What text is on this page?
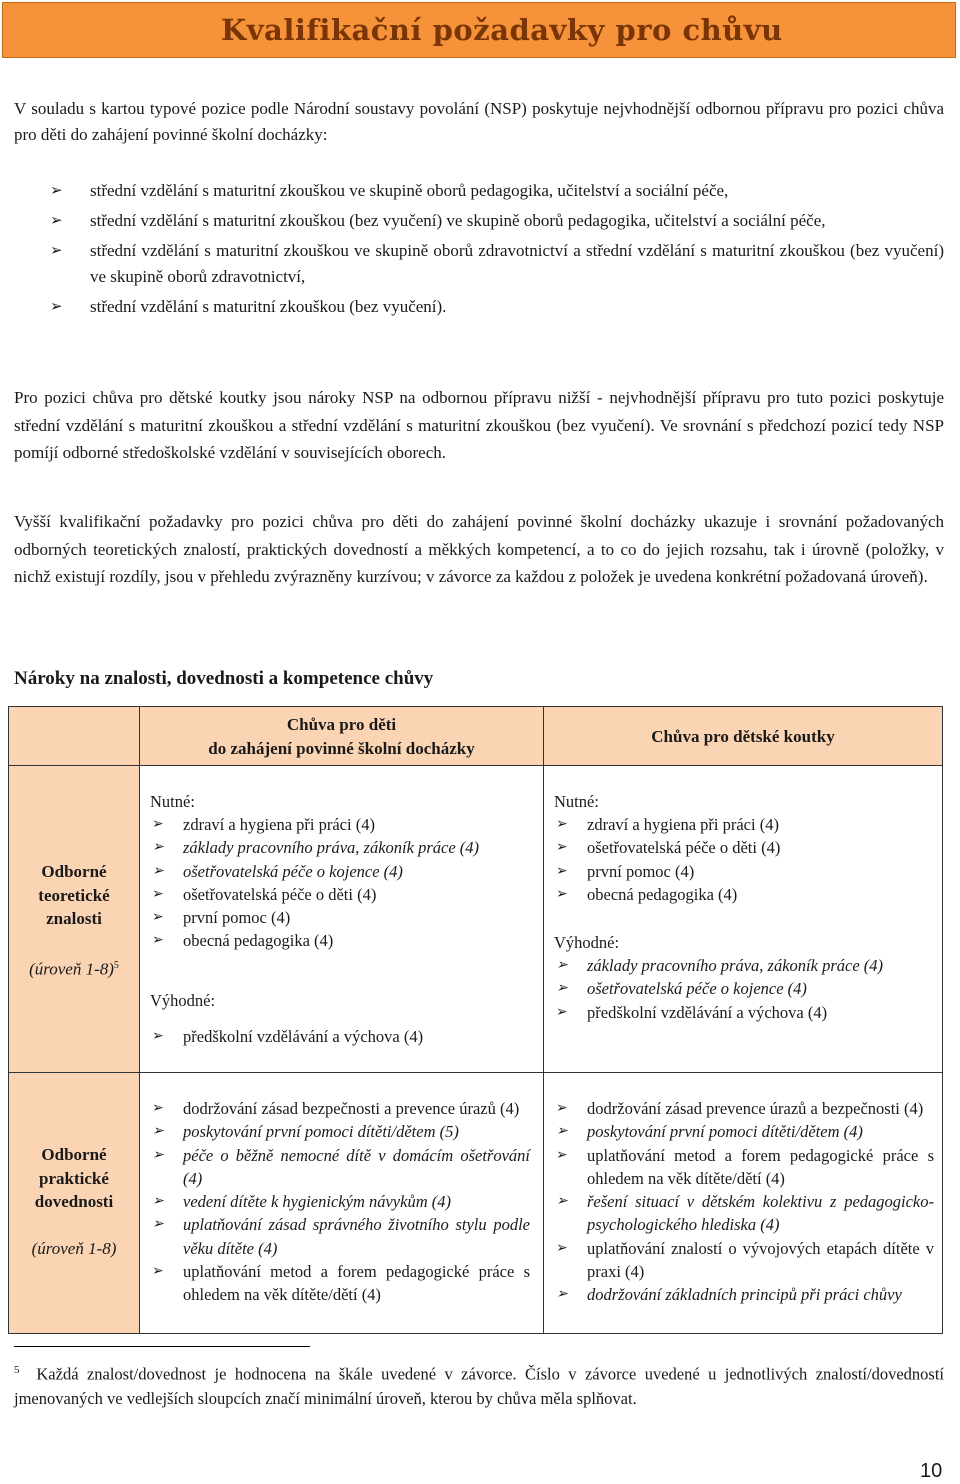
Kvalifikační požadavky pro chůvu
V souladu s kartou typové pozice podle Národní soustavy povolání (NSP) poskytuje nejvhodnější odbornou přípravu pro pozici chůva pro děti do zahájení povinné školní docházky:
➢ střední vzdělání s maturitní zkouškou ve skupině oborů pedagogika, učitelství a sociální péče,
➢ střední vzdělání s maturitní zkouškou (bez vyučení) ve skupině oborů pedagogika, učitelství a sociální péče,
➢ střední vzdělání s maturitní zkouškou ve skupině oborů zdravotnictví a střední vzdělání s maturitní zkouškou (bez vyučení) ve skupině oborů zdravotnictví,
➢ střední vzdělání s maturitní zkouškou (bez vyučení).
Pro pozici chůva pro dětské koutky jsou nároky NSP na odbornou přípravu nižší - nejvhodnější přípravu pro tuto pozici poskytuje střední vzdělání s maturitní zkouškou a střední vzdělání s maturitní zkouškou (bez vyučení). Ve srovnání s předchozí pozicí tedy NSP pomíjí odborné středoškolské vzdělání v souvisejících oborech.
Vyšší kvalifikační požadavky pro pozici chůva pro děti do zahájení povinné školní docházky ukazuje i srovnání požadovaných odborných teoretických znalostí, praktických dovedností a měkkých kompetencí, a to co do jejich rozsahu, tak i úrovně (položky, v nichž existují rozdíly, jsou v přehledu zvýrazněny kurzívou; v závorce za každou z položek je uvedena konkrétní požadovaná úroveň).
Nároky na znalosti, dovednosti a kompetence chůvy
Chůva pro děti
do zahájení povinné školní docházky
Chůva pro dětské koutky
Odborné
teoretické
znalosti
(úroveň 1-8)$^5$
Nutné:
➢ zdraví a hygiena při práci (4)
➢ základy pracovního práva, zákoník práce (4)
➢ ošetřovatelská péče o kojence (4)
➢ ošetřovatelská péče o děti (4)
➢ první pomoc (4)
➢ obecná pedagogika (4)
Výhodné:
➢ předškolní vzdělávání a výchova (4)
Nutné:
➢ zdraví a hygiena při práci (4)
➢ ošetřovatelská péče o děti (4)
➢ první pomoc (4)
➢ obecná pedagogika (4)
Výhodné:
➢ základy pracovního práva, zákoník práce (4)
➢ ošetřovatelská péče o kojence (4)
➢ předškolní vzdělávání a výchova (4)
Odborné
praktické
dovednosti
(úroveň 1-8)
➢ dodržování zásad bezpečnosti a prevence úrazů (4)
➢ poskytování první pomoci dítěti/dětem (5)
➢ péče o běžně nemocné dítě v domácím ošetřování (4)
➢ vedení dítěte k hygienickým návykům (4)
➢ uplatňování zásad správného životního stylu podle věku dítěte (4)
➢ uplatňování metod a forem pedagogické práce s ohledem na věk dítěte/dětí (4)
➢ dodržování zásad prevence úrazů a bezpečnosti (4)
➢ poskytování první pomoci dítěti/dětem (4)
➢ uplatňování metod a forem pedagogické práce s ohledem na věk dítěte/dětí (4)
➢ řešení situací v dětském kolektivu z pedagogicko-psychologického hlediska (4)
➢ uplatňování znalostí o vývojových etapách dítěte v praxi (4)
➢ dodržování základních principů při práci chůvy
$^5$ Každá znalost/dovednost je hodnocena na škále uvedené v závorce. Číslo v závorce uvedené u jednotlivých znalostí/dovedností jmenovaných ve vedlejších sloupcích značí minimální úroveň, kterou by chůva měla splňovat.
10
